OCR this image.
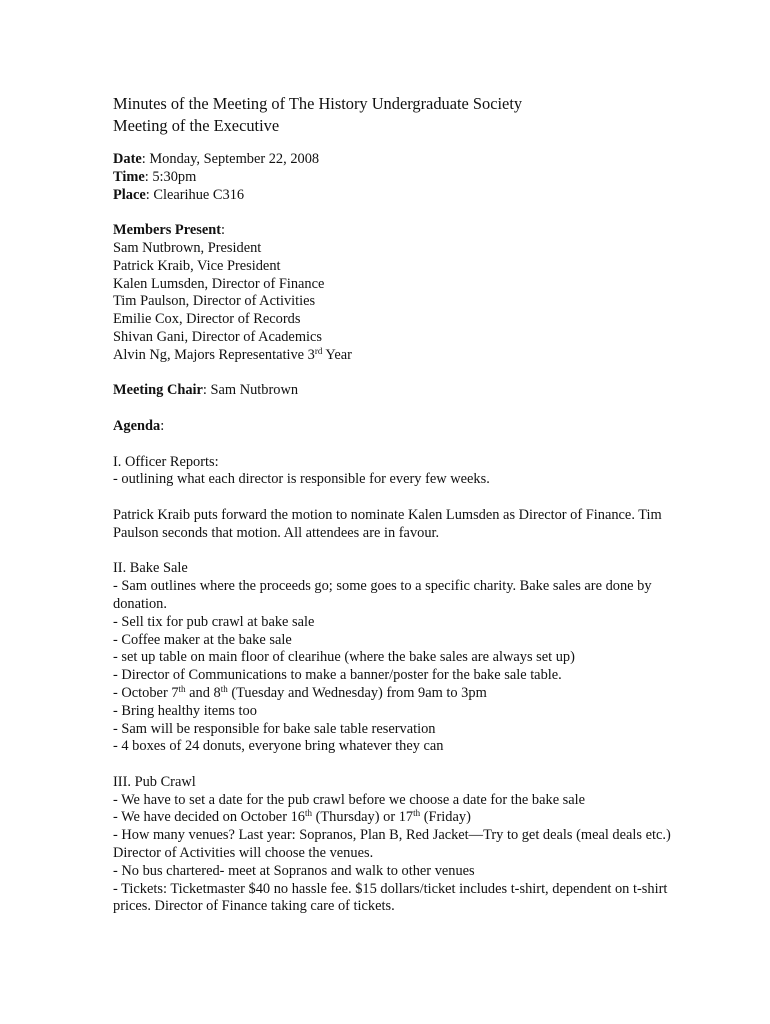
Minutes of the Meeting of The History Undergraduate Society
Meeting of the Executive
Date: Monday, September 22, 2008
Time: 5:30pm
Place: Clearihue C316
Members Present:
Sam Nutbrown, President
Patrick Kraib, Vice President
Kalen Lumsden, Director of Finance
Tim Paulson, Director of Activities
Emilie Cox, Director of Records
Shivan Gani, Director of Academics
Alvin Ng, Majors Representative 3rd Year
Meeting Chair: Sam Nutbrown
Agenda:
I. Officer Reports:
- outlining what each director is responsible for every few weeks.
Patrick Kraib puts forward the motion to nominate Kalen Lumsden as Director of Finance. Tim Paulson seconds that motion. All attendees are in favour.
II. Bake Sale
- Sam outlines where the proceeds go; some goes to a specific charity. Bake sales are done by donation.
- Sell tix for pub crawl at bake sale
- Coffee maker at the bake sale
- set up table on main floor of clearihue (where the bake sales are always set up)
- Director of Communications to make a banner/poster for the bake sale table.
- October 7th and 8th (Tuesday and Wednesday) from 9am to 3pm
- Bring healthy items too
- Sam will be responsible for bake sale table reservation
- 4 boxes of 24 donuts, everyone bring whatever they can
III. Pub Crawl
- We have to set a date for the pub crawl before we choose a date for the bake sale
- We have decided on October 16th (Thursday) or 17th (Friday)
- How many venues? Last year: Sopranos, Plan B, Red Jacket—Try to get deals (meal deals etc.) Director of Activities will choose the venues.
- No bus chartered- meet at Sopranos and walk to other venues
- Tickets: Ticketmaster $40 no hassle fee. $15 dollars/ticket includes t-shirt, dependent on t-shirt prices. Director of Finance taking care of tickets.
